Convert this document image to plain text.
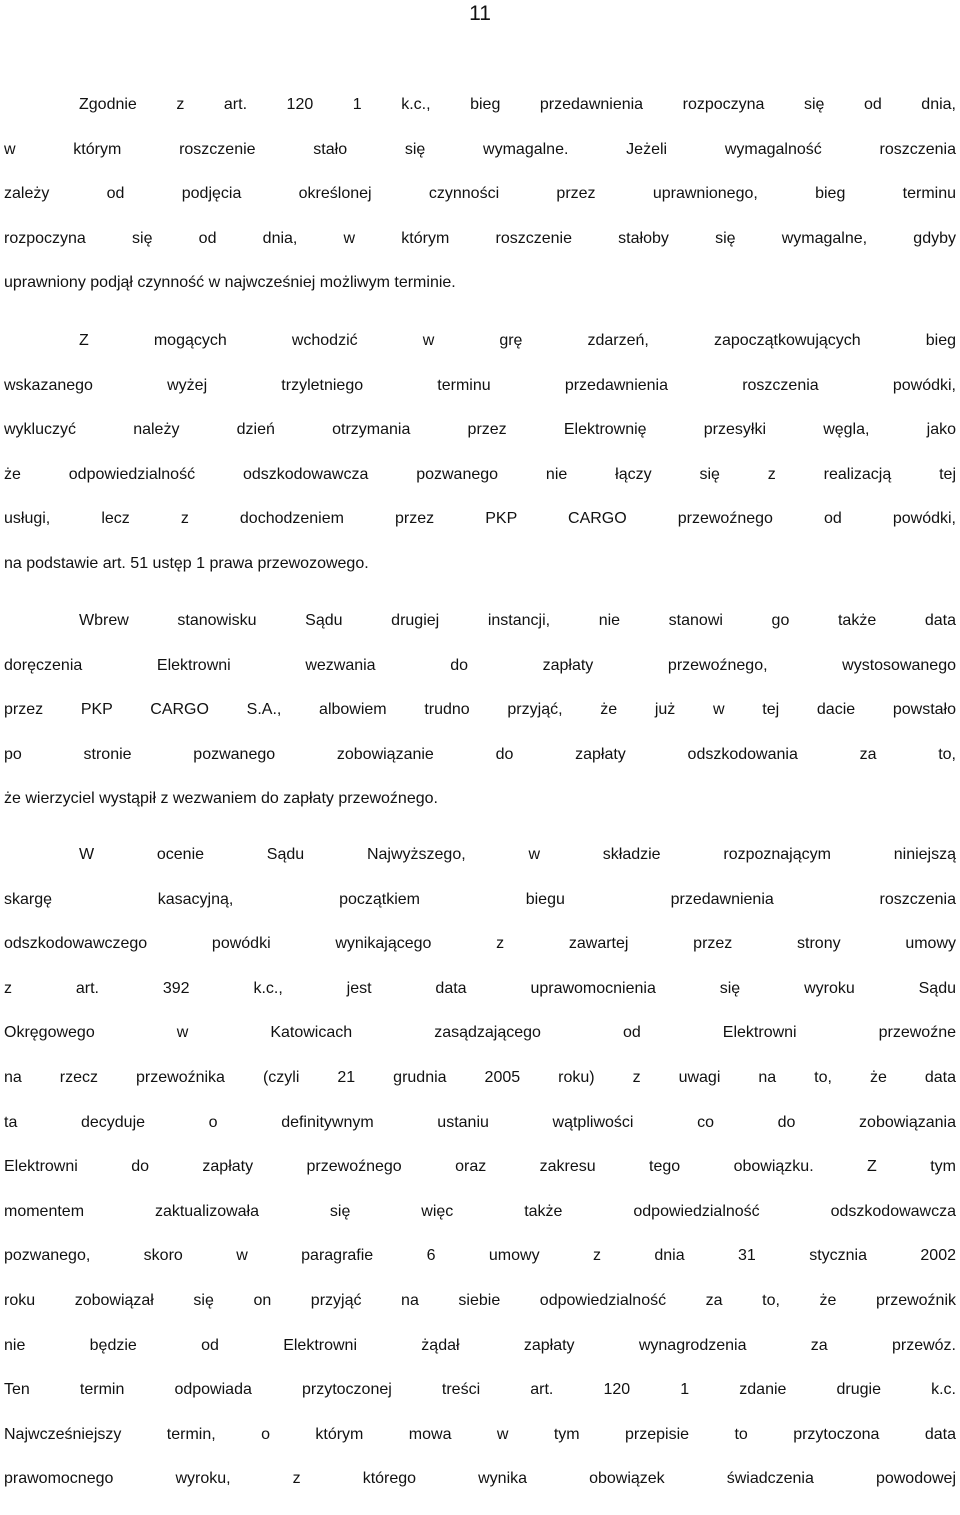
11
Zgodnie z art. 120 1 k.c., bieg przedawnienia rozpoczyna się od dnia,
w którym roszczenie stało się wymagalne. Jeżeli wymagalność roszczenia
zależy od podjęcia określonej czynności przez uprawnionego, bieg terminu
rozpoczyna się od dnia, w którym roszczenie stałoby się wymagalne, gdyby
uprawniony podjął czynność w najwcześniej możliwym terminie.
Z mogących wchodzić w grę zdarzeń, zapoczątkowujących bieg
wskazanego wyżej trzyletniego terminu przedawnienia roszczenia powódki,
wykluczyć należy dzień otrzymania przez Elektrownię przesyłki węgla, jako
że odpowiedzialność odszkodowawcza pozwanego nie łączy się z realizacją tej
usługi, lecz z dochodzeniem przez PKP CARGO przewoźnego od powódki,
na podstawie art. 51 ustęp 1 prawa przewozowego.
Wbrew stanowisku Sądu drugiej instancji, nie stanowi go także data
doręczenia Elektrowni wezwania do zapłaty przewoźnego, wystosowanego
przez PKP CARGO S.A., albowiem trudno przyjąć, że już w tej dacie powstało
po stronie pozwanego zobowiązanie do zapłaty odszkodowania za to,
że wierzyciel wystąpił z wezwaniem do zapłaty przewoźnego.
W ocenie Sądu Najwyższego, w składzie rozpoznającym niniejszą
skargę kasacyjną, początkiem biegu przedawnienia roszczenia
odszkodowawczego powódki wynikającego z zawartej przez strony umowy
z art. 392 k.c., jest data uprawomocnienia się wyroku Sądu
Okręgowego w Katowicach zasądzającego od Elektrowni przewoźne
na rzecz przewoźnika (czyli 21 grudnia 2005 roku) z uwagi na to, że data
ta decyduje o definitywnym ustaniu wątpliwości co do zobowiązania
Elektrowni do zapłaty przewoźnego oraz zakresu tego obowiązku. Z tym
momentem zaktualizowała się więc także odpowiedzialność odszkodowawcza
pozwanego, skoro w paragrafie 6 umowy z dnia 31 stycznia 2002
roku zobowiązał się on przyjąć na siebie odpowiedzialność za to, że przewoźnik
nie będzie od Elektrowni żądał zapłaty wynagrodzenia za przewóz.
Ten termin odpowiada przytoczonej treści art. 120 1 zdanie drugie k.c.
Najwcześniejszy termin, o którym mowa w tym przepisie to przytoczona data
prawomocnego wyroku, z którego wynika obowiązek świadczenia powodowej
